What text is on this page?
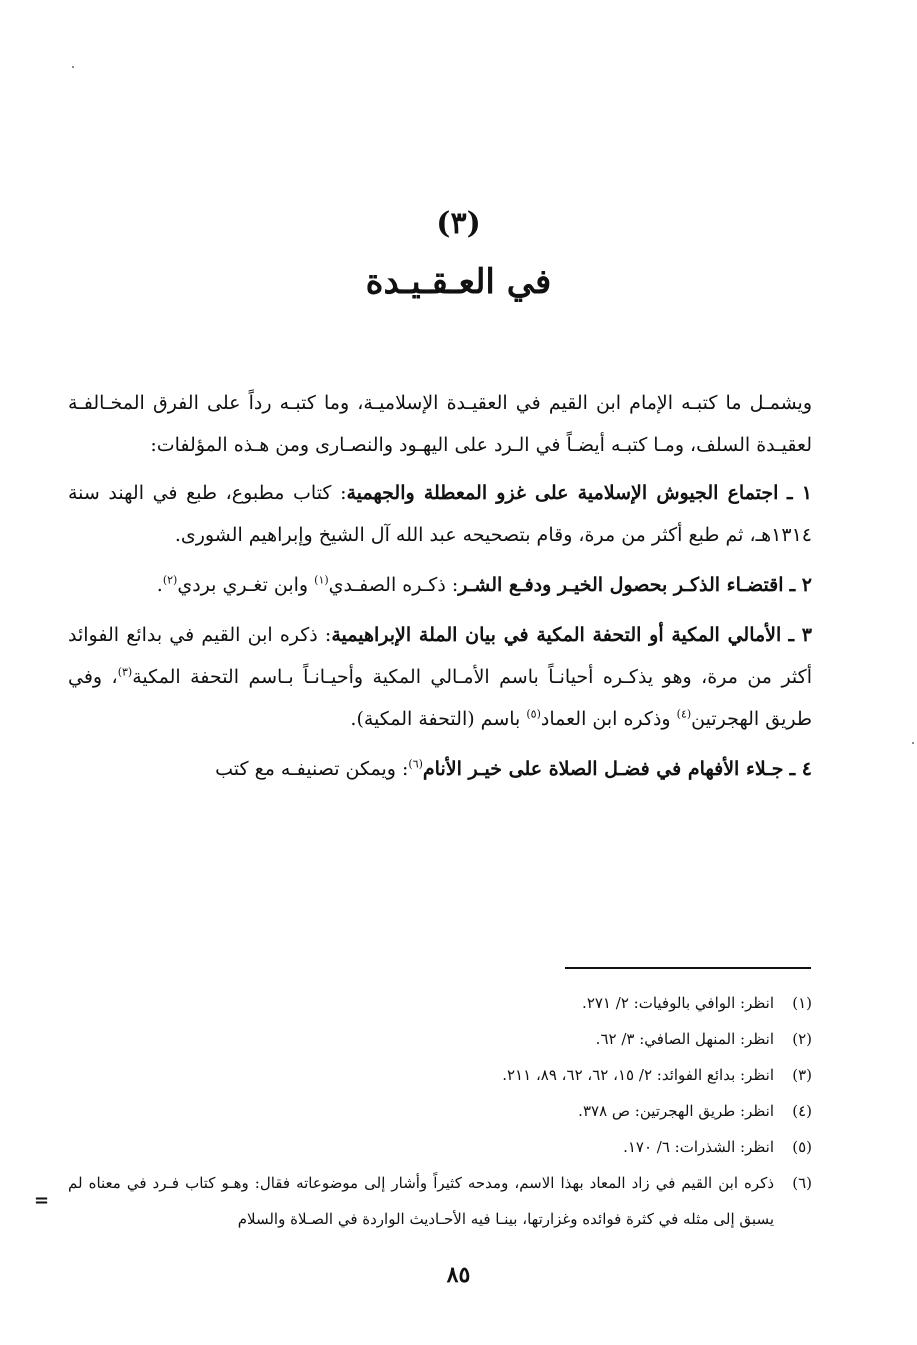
(٣)
في العـقـيـدة

ويشمـل ما كتبـه الإمام ابن القيم في العقيـدة الإسلاميـة، وما كتبـه رداً على الفرق المخـالفـة لعقيـدة السلف، ومـا كتبـه أيضـاً في الـرد على اليهـود والنصـارى ومن هـذه المؤلفات:

١ ـ اجتماع الجيوش الإسلامية على غزو المعطلة والجهمية: كتاب مطبوع، طبع في الهند سنة ١٣١٤هـ، ثم طبع أكثر من مرة، وقام بتصحيحه عبد الله آل الشيخ وإبراهيم الشورى.

٢ ـ اقتضـاء الذكـر بحصول الخيـر ودفـع الشـر: ذكـره الصفـدي$^{(١)}$ وابن تغـري بردي$^{(٢)}$.

٣ ـ الأمالي المكية أو التحفة المكية في بيان الملة الإبراهيمية: ذكره ابن القيم في بدائع الفوائد أكثر من مرة، وهو يذكـره أحيانـاً باسم الأمـالي المكية وأحيـانـاً بـاسم التحفة المكية$^{(٣)}$، وفي طريق الهجرتين$^{(٤)}$ وذكره ابن العماد$^{(٥)}$ باسم (التحفة المكية).

٤ ـ جـلاء الأفهام في فضـل الصلاة على خيـر الأنام$^{(٦)}$: ويمكن تصنيفـه مع كتب

(١)
انظر: الوافي بالوفيات: ٢/ ٢٧١.
(٢)
انظر: المنهل الصافي: ٣/ ٦٢.
(٣)
انظر: بدائع الفوائد: ٢/ ١٥، ٦٢، ٦٢، ٨٩، ٢١١.
(٤)
انظر: طريق الهجرتين: ص ٣٧٨.
(٥)
انظر: الشذرات: ٦/ ١٧٠.
(٦)
ذكره ابن القيم في زاد المعاد بهذا الاسم، ومدحه كثيراً وأشار إلى موضوعاته فقال: وهـو كتاب فـرد في معناه لم يسبق إلى مثله في كثرة فوائده وغزارتها، بينـا فيه الأحـاديث الواردة في الصـلاة والسلام
=
٨٥
